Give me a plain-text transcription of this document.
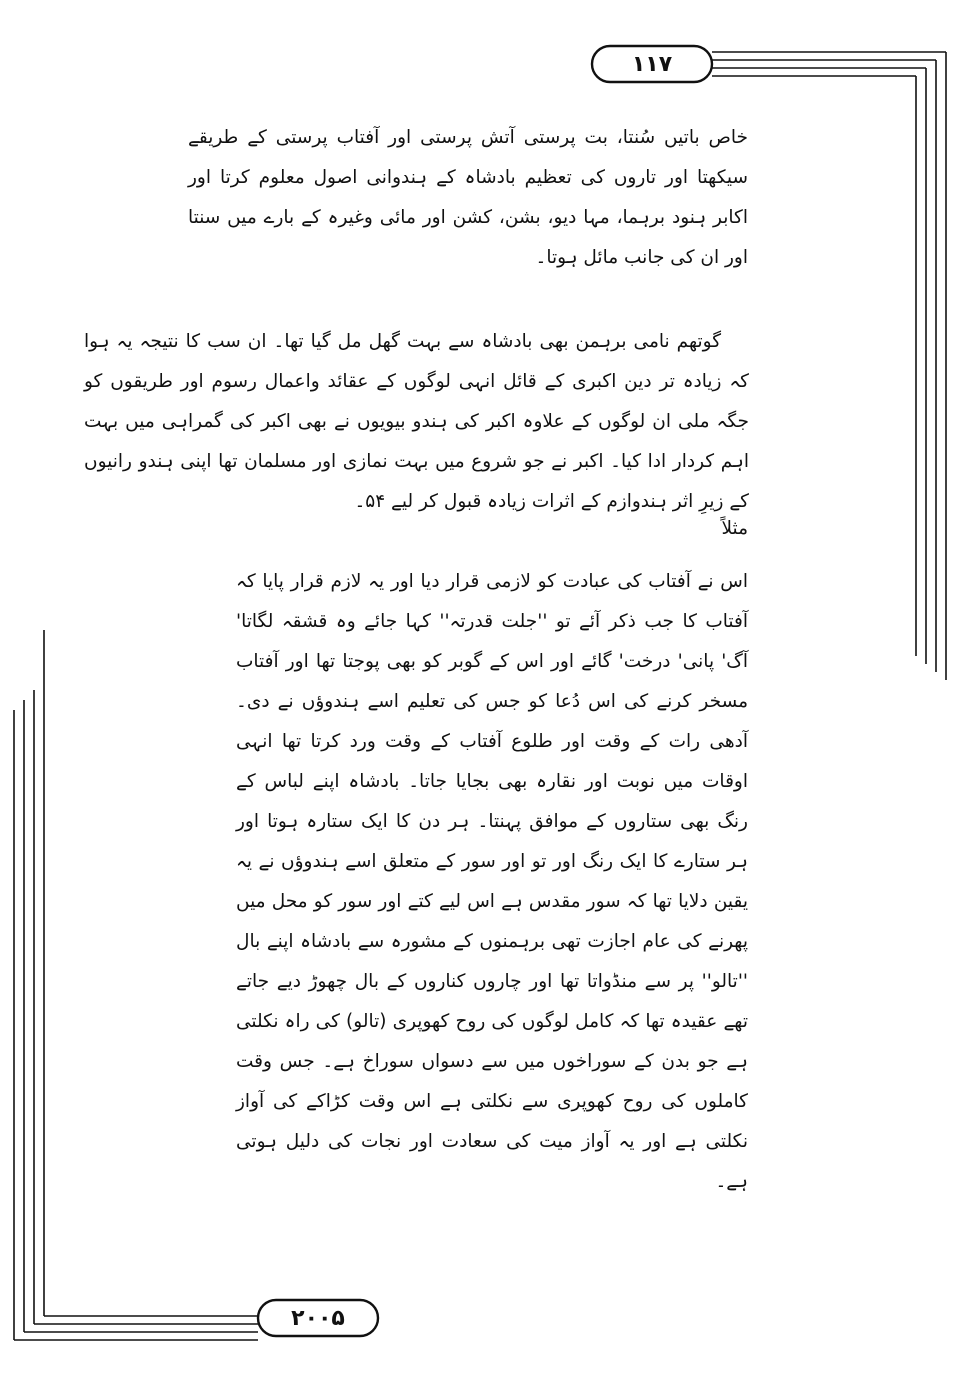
۱۱۷

خاص باتیں سُنتا، بت پرستی آتش پرستی اور آفتاب پرستی کے طریقے سیکھتا اور تاروں کی تعظیم بادشاہ کے ہندوانی اصول معلوم کرتا اور اکابر ہنود برہما، مہا دیو، بشن، کشن اور مائی وغیرہ کے بارے میں سنتا اور ان کی جانب مائل ہوتا۔

گوتھم نامی برہمن بھی بادشاہ سے بہت گھل مل گیا تھا۔ ان سب کا نتیجہ یہ ہوا کہ زیادہ تر دین اکبری کے قائل انہی لوگوں کے عقائد واعمال رسوم اور طریقوں کو جگہ ملی ان لوگوں کے علاوہ اکبر کی ہندو بیویوں نے بھی اکبر کی گمراہی میں بہت اہم کردار ادا کیا۔ اکبر نے جو شروع میں بہت نمازی اور مسلمان تھا اپنی ہندو رانیوں کے زیرِ اثر ہندوازم کے اثرات زیادہ قبول کر لیے ۵۴۔

مثلاً

اس نے آفتاب کی عبادت کو لازمی قرار دیا اور یہ لازم قرار پایا کہ آفتاب کا جب ذکر آئے تو ''جلت قدرتہ'' کہا جائے وہ قشقہ لگاتا' آگ' پانی' درخت' گائے اور اس کے گوبر کو بھی پوجتا تھا اور آفتاب مسخر کرنے کی اس دُعا کو جس کی تعلیم اسے ہندوؤں نے دی۔ آدھی رات کے وقت اور طلوع آفتاب کے وقت ورد کرتا تھا انہی اوقات میں نوبت اور نقارہ بھی بجایا جاتا۔ بادشاہ اپنے لباس کے رنگ بھی ستاروں کے موافق پہنتا۔ ہر دن کا ایک ستارہ ہوتا اور ہر ستارے کا ایک رنگ اور تو اور سور کے متعلق اسے ہندوؤں نے یہ یقین دلایا تھا کہ سور مقدس ہے اس لیے کتے اور سور کو محل میں پھرنے کی عام اجازت تھی برہمنوں کے مشورہ سے بادشاہ اپنے بال ''تالو'' پر سے منڈواتا تھا اور چاروں کناروں کے بال چھوڑ دیے جاتے تھے عقیدہ تھا کہ کامل لوگوں کی روح کھوپری (تالو) کی راہ نکلتی ہے جو بدن کے سوراخوں میں سے دسواں سوراخ ہے۔ جس وقت کاملوں کی روح کھوپری سے نکلتی ہے اس وقت کڑاکے کی آواز نکلتی ہے اور یہ آواز میت کی سعادت اور نجات کی دلیل ہوتی ہے۔

۲۰۰۵
